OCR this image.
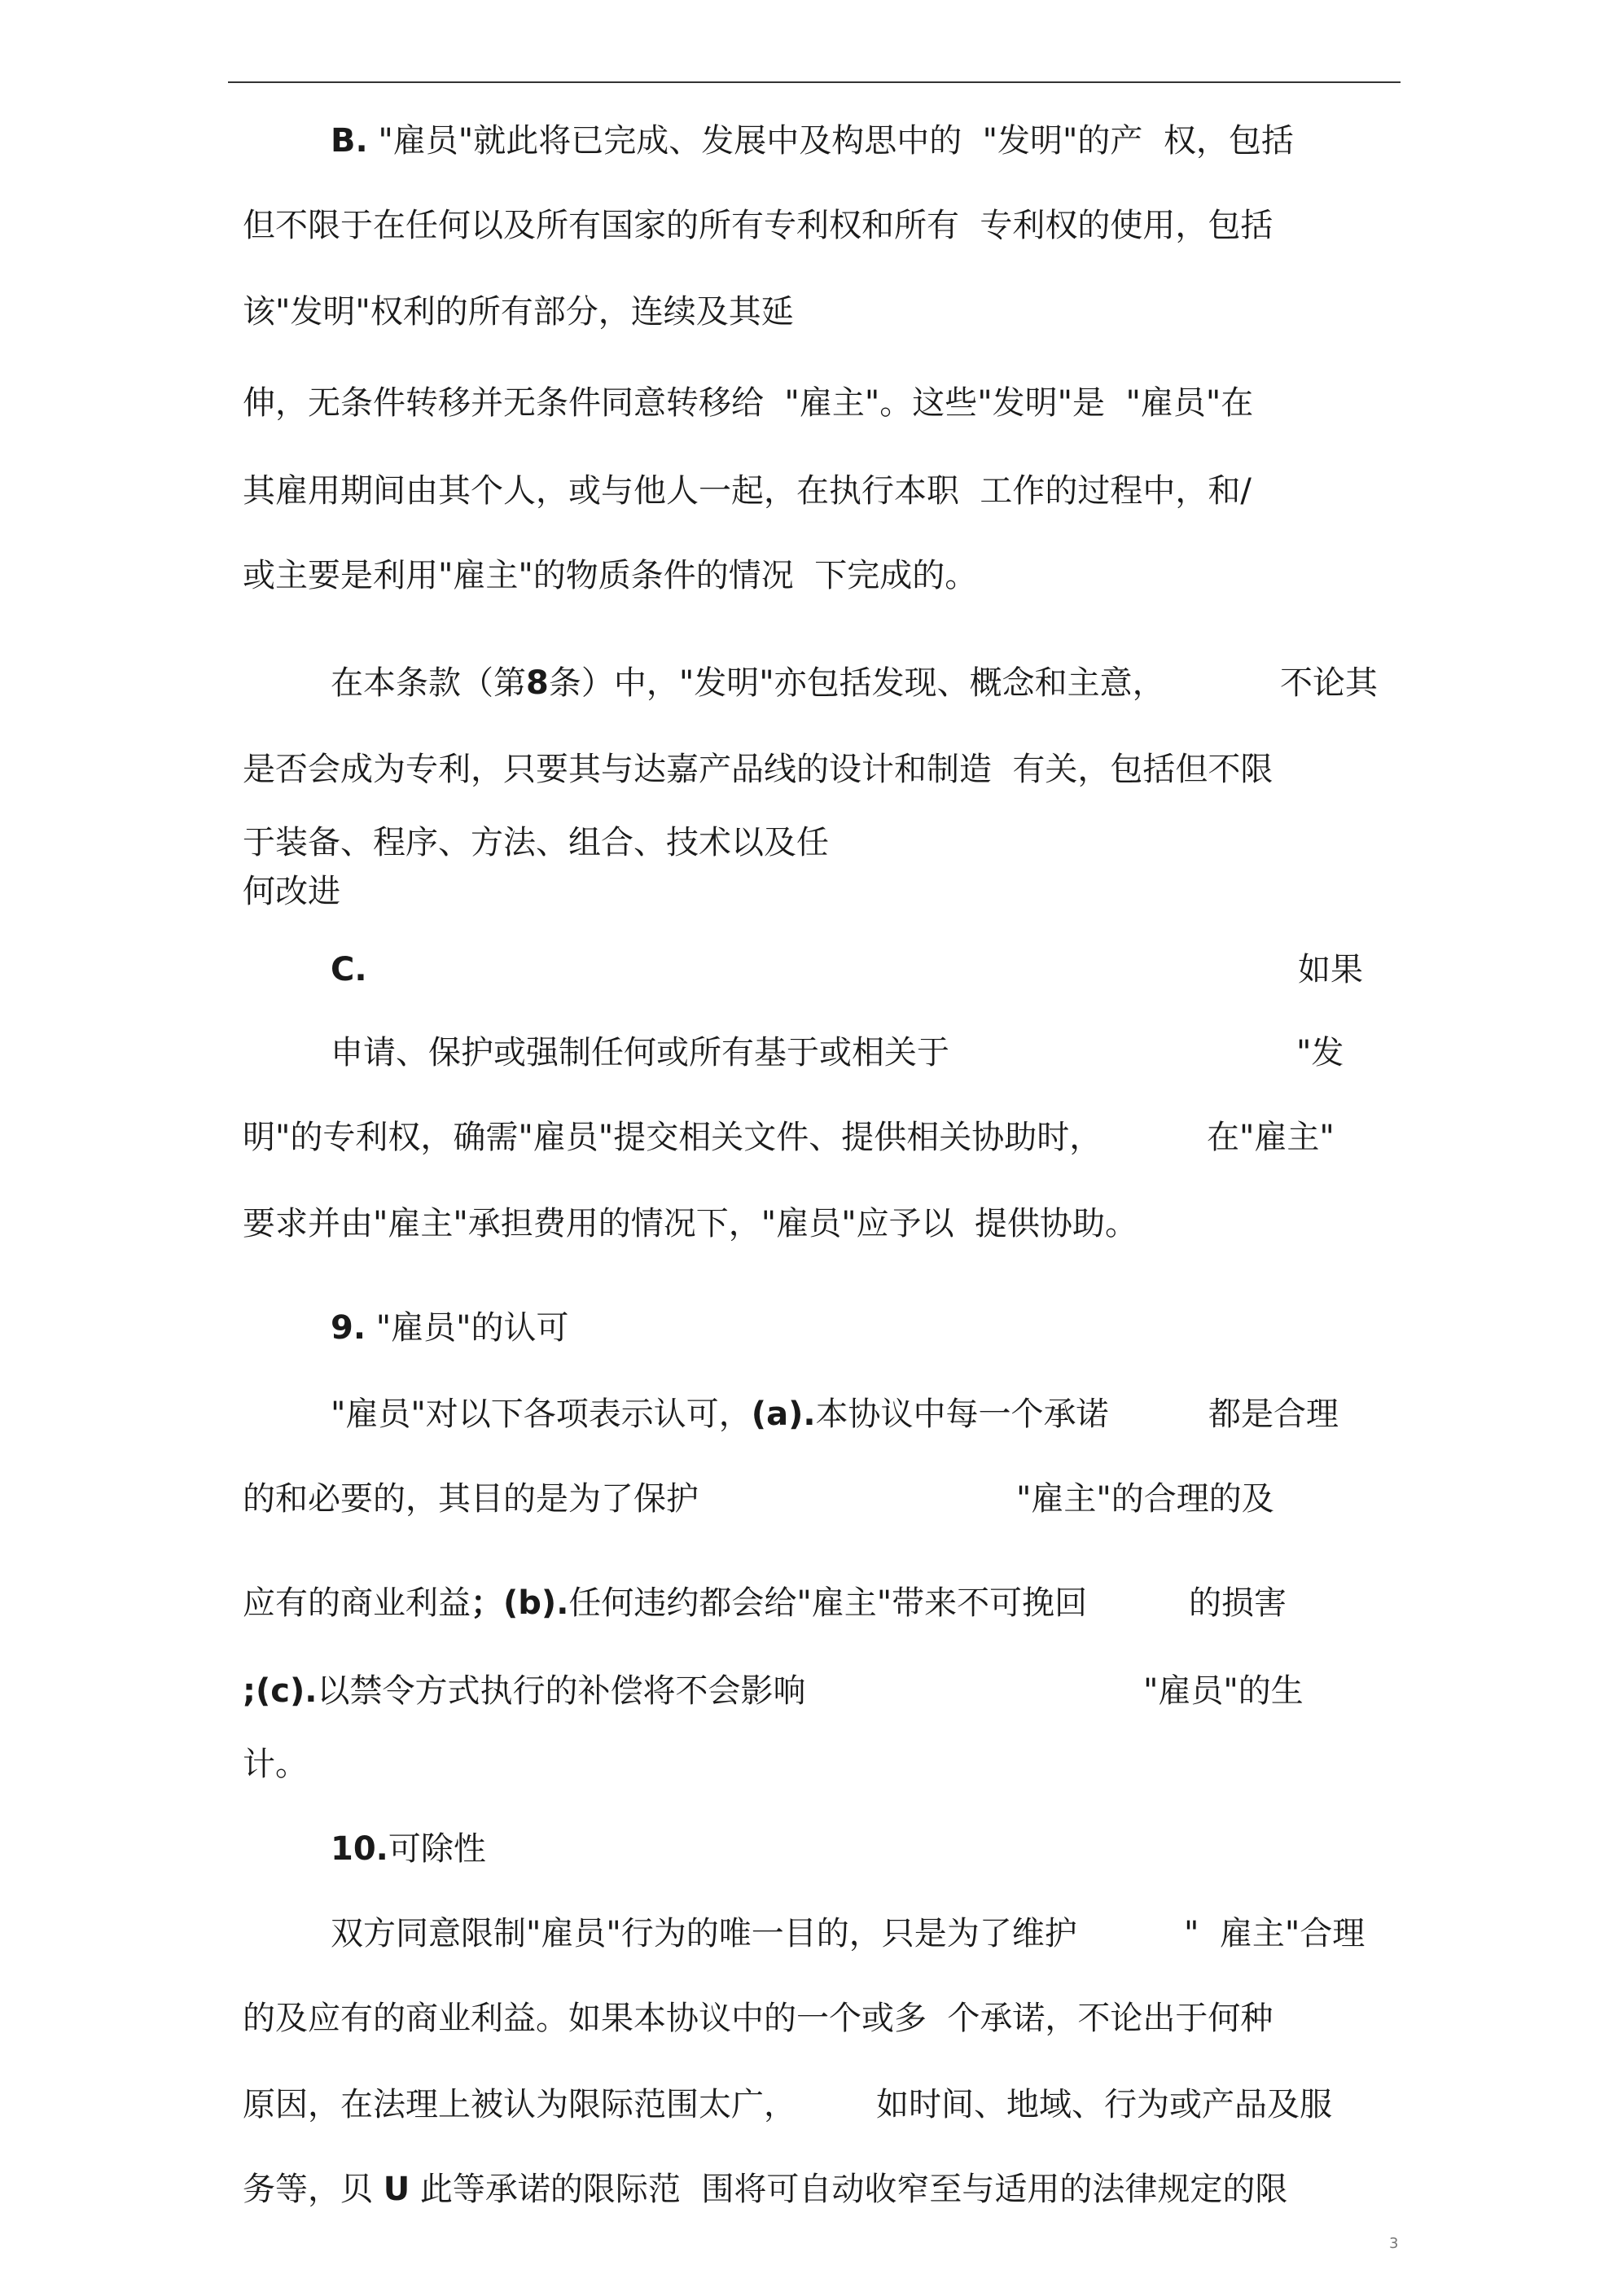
B. "雇员"就此将已完成、发展中及构思中的  "发明"的产  权，包括
但不限于在任何以及所有国家的所有专利权和所有  专利权的使用，包括
该"发明"权利的所有部分，连续及其延
伸，无条件转移并无条件同意转移给  "雇主"。这些"发明"是  "雇员"在
其雇用期间由其个人，或与他人一起，在执行本职  工作的过程中，和/
或主要是利用"雇主"的物质条件的情况  下完成的。
在本条款（第8条）中，"发明"亦包括发现、概念和主意，	不论其
是否会成为专利，只要其与达嘉产品线的设计和制造  有关，包括但不限
于装备、程序、方法、组合、技术以及任
何改进
C.	如果
申请、保护或强制任何或所有基于或相关于	"发
明"的专利权，确需"雇员"提交相关文件、提供相关协助时，	在"雇主"
要求并由"雇主"承担费用的情况下，"雇员"应予以  提供协助。
9. "雇员"的认可
"雇员"对以下各项表示认可，(a).本协议中每一个承诺	都是合理
的和必要的，其目的是为了保护	"雇主"的合理的及
应有的商业利益；(b).任何违约都会给"雇主"带来不可挽回	的损害
;(c).以禁令方式执行的补偿将不会影响	"雇员"的生
计。
10.可除性
双方同意限制"雇员"行为的唯一目的，只是为了维护	"  雇主"合理
的及应有的商业利益。如果本协议中的一个或多  个承诺，不论出于何种
原因，在法理上被认为限际范围太广， 如时间、地域、行为或产品及服
务等，贝 U 此等承诺的限际范  围将可自动收窄至与适用的法律规定的限
3
